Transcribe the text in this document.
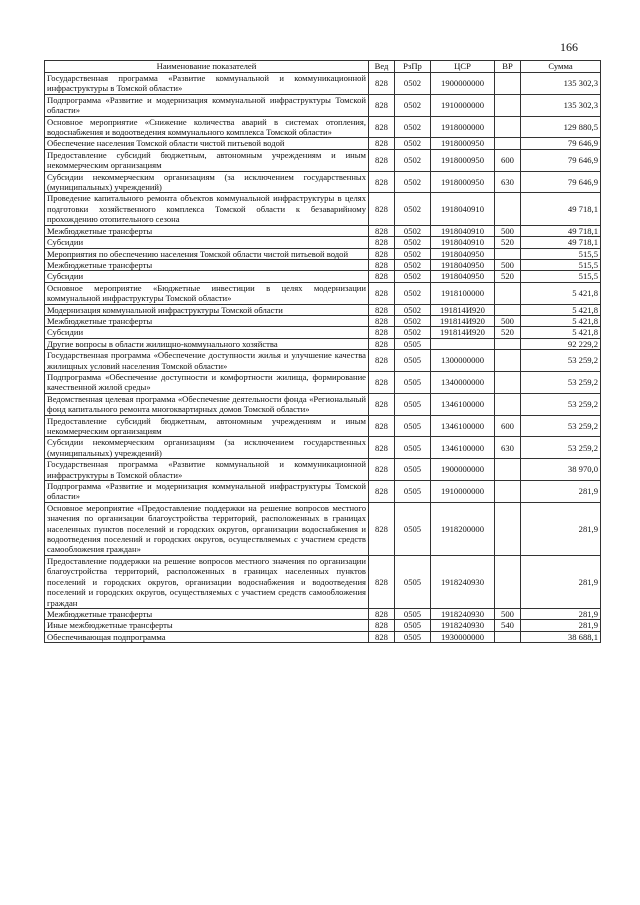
166
Наименование показателей	Вед	РзПр	ЦСР	ВР	Сумма
Государственная программа «Развитие коммунальной и коммуникационной инфраструктуры в Томской области»	828	0502	1900000000		135 302,3
Подпрограмма «Развитие и модернизация коммунальной инфраструктуры Томской области»	828	0502	1910000000		135 302,3
Основное мероприятие «Снижение количества аварий в системах отопления, водоснабжения и водоотведения коммунального комплекса Томской области»	828	0502	1918000000		129 880,5
Обеспечение населения Томской области чистой питьевой водой	828	0502	1918000950		79 646,9
Предоставление субсидий бюджетным, автономным учреждениям и иным некоммерческим организациям	828	0502	1918000950	600	79 646,9
Субсидии некоммерческим организациям (за исключением государственных (муниципальных) учреждений)	828	0502	1918000950	630	79 646,9
Проведение капитального ремонта объектов коммунальной инфраструктуры в целях подготовки хозяйственного комплекса Томской области к безаварийному прохождению отопительного сезона	828	0502	1918040910		49 718,1
Межбюджетные трансферты	828	0502	1918040910	500	49 718,1
Субсидии	828	0502	1918040910	520	49 718,1
Мероприятия по обеспечению населения Томской области чистой питьевой водой	828	0502	1918040950		515,5
Межбюджетные трансферты	828	0502	1918040950	500	515,5
Субсидии	828	0502	1918040950	520	515,5
Основное мероприятие «Бюджетные инвестиции в целях модернизации коммунальной инфраструктуры Томской области»	828	0502	1918100000		5 421,8
Модернизация коммунальной инфраструктуры Томской области	828	0502	191814И920		5 421,8
Межбюджетные трансферты	828	0502	191814И920	500	5 421,8
Субсидии	828	0502	191814И920	520	5 421,8
Другие вопросы в области жилищно-коммунального хозяйства	828	0505			92 229,2
Государственная программа «Обеспечение доступности жилья и улучшение качества жилищных условий населения Томской области»	828	0505	1300000000		53 259,2
Подпрограмма «Обеспечение доступности и комфортности жилища, формирование качественной жилой среды»	828	0505	1340000000		53 259,2
Ведомственная целевая программа «Обеспечение деятельности фонда «Региональный фонд капитального ремонта многоквартирных домов Томской области»	828	0505	1346100000		53 259,2
Предоставление субсидий бюджетным, автономным учреждениям и иным некоммерческим организациям	828	0505	1346100000	600	53 259,2
Субсидии некоммерческим организациям (за исключением государственных (муниципальных) учреждений)	828	0505	1346100000	630	53 259,2
Государственная программа «Развитие коммунальной и коммуникационной инфраструктуры в Томской области»	828	0505	1900000000		38 970,0
Подпрограмма «Развитие и модернизация коммунальной инфраструктуры Томской области»	828	0505	1910000000		281,9
Основное мероприятие «Предоставление поддержки на решение вопросов местного значения по организации благоустройства территорий, расположенных в границах населенных пунктов поселений и городских округов, организации водоснабжения и водоотведения поселений и городских округов, осуществляемых с участием средств самообложения граждан»	828	0505	1918200000		281,9
Предоставление поддержки на решение вопросов местного значения по организации благоустройства территорий, расположенных в границах населенных пунктов поселений и городских округов, организации водоснабжения и водоотведения поселений и городских округов, осуществляемых с участием средств самообложения граждан	828	0505	1918240930		281,9
Межбюджетные трансферты	828	0505	1918240930	500	281,9
Иные межбюджетные трансферты	828	0505	1918240930	540	281,9
Обеспечивающая подпрограмма	828	0505	1930000000		38 688,1
